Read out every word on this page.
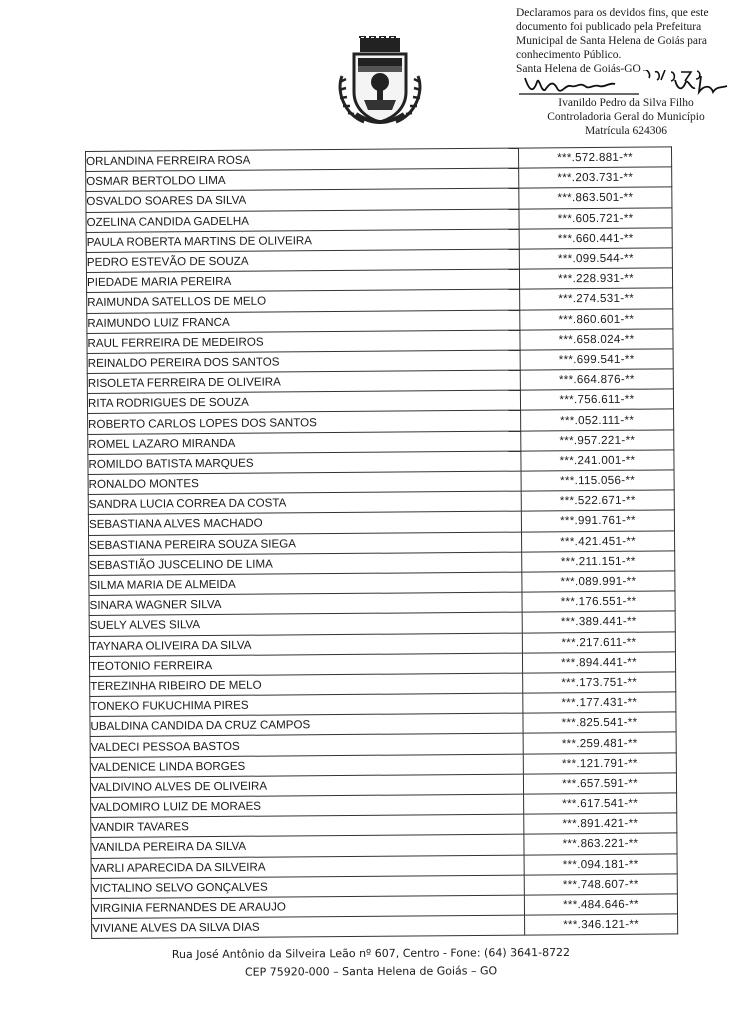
Declaramos para os devidos fins, que este
documento foi publicado pela Prefeitura
Municipal de Santa Helena de Goiás para
conhecimento Público.
Santa Helena de Goiás-GO
Ivanildo Pedro da Silva Filho
Controladoria Geral do Município
Matrícula 624306
ORLANDINA FERREIRA ROSA	***.572.881-**
OSMAR BERTOLDO LIMA	***.203.731-**
OSVALDO SOARES DA SILVA	***.863.501-**
OZELINA CANDIDA GADELHA	***.605.721-**
PAULA ROBERTA MARTINS DE OLIVEIRA	***.660.441-**
PEDRO ESTEVÃO DE SOUZA	***.099.544-**
PIEDADE MARIA PEREIRA	***.228.931-**
RAIMUNDA SATELLOS DE MELO	***.274.531-**
RAIMUNDO LUIZ FRANCA	***.860.601-**
RAUL FERREIRA DE MEDEIROS	***.658.024-**
REINALDO PEREIRA DOS SANTOS	***.699.541-**
RISOLETA FERREIRA DE OLIVEIRA	***.664.876-**
RITA RODRIGUES DE SOUZA	***.756.611-**
ROBERTO CARLOS LOPES DOS SANTOS	***.052.111-**
ROMEL LAZARO MIRANDA	***.957.221-**
ROMILDO BATISTA MARQUES	***.241.001-**
RONALDO MONTES	***.115.056-**
SANDRA LUCIA CORREA DA COSTA	***.522.671-**
SEBASTIANA ALVES MACHADO	***.991.761-**
SEBASTIANA PEREIRA SOUZA SIEGA	***.421.451-**
SEBASTIÃO JUSCELINO DE LIMA	***.211.151-**
SILMA MARIA DE ALMEIDA	***.089.991-**
SINARA WAGNER SILVA	***.176.551-**
SUELY ALVES SILVA	***.389.441-**
TAYNARA OLIVEIRA DA SILVA	***.217.611-**
TEOTONIO FERREIRA	***.894.441-**
TEREZINHA RIBEIRO DE MELO	***.173.751-**
TONEKO FUKUCHIMA PIRES	***.177.431-**
UBALDINA CANDIDA DA CRUZ CAMPOS	***.825.541-**
VALDECI PESSOA BASTOS	***.259.481-**
VALDENICE LINDA BORGES	***.121.791-**
VALDIVINO ALVES DE OLIVEIRA	***.657.591-**
VALDOMIRO LUIZ DE MORAES	***.617.541-**
VANDIR TAVARES	***.891.421-**
VANILDA PEREIRA DA SILVA	***.863.221-**
VARLI APARECIDA DA SILVEIRA	***.094.181-**
VICTALINO SELVO GONÇALVES	***.748.607-**
VIRGINIA FERNANDES DE ARAUJO	***.484.646-**
VIVIANE ALVES DA SILVA DIAS	***.346.121-**
Rua José Antônio da Silveira Leão nº 607, Centro - Fone: (64) 3641-8722
CEP 75920-000 – Santa Helena de Goiás – GO
